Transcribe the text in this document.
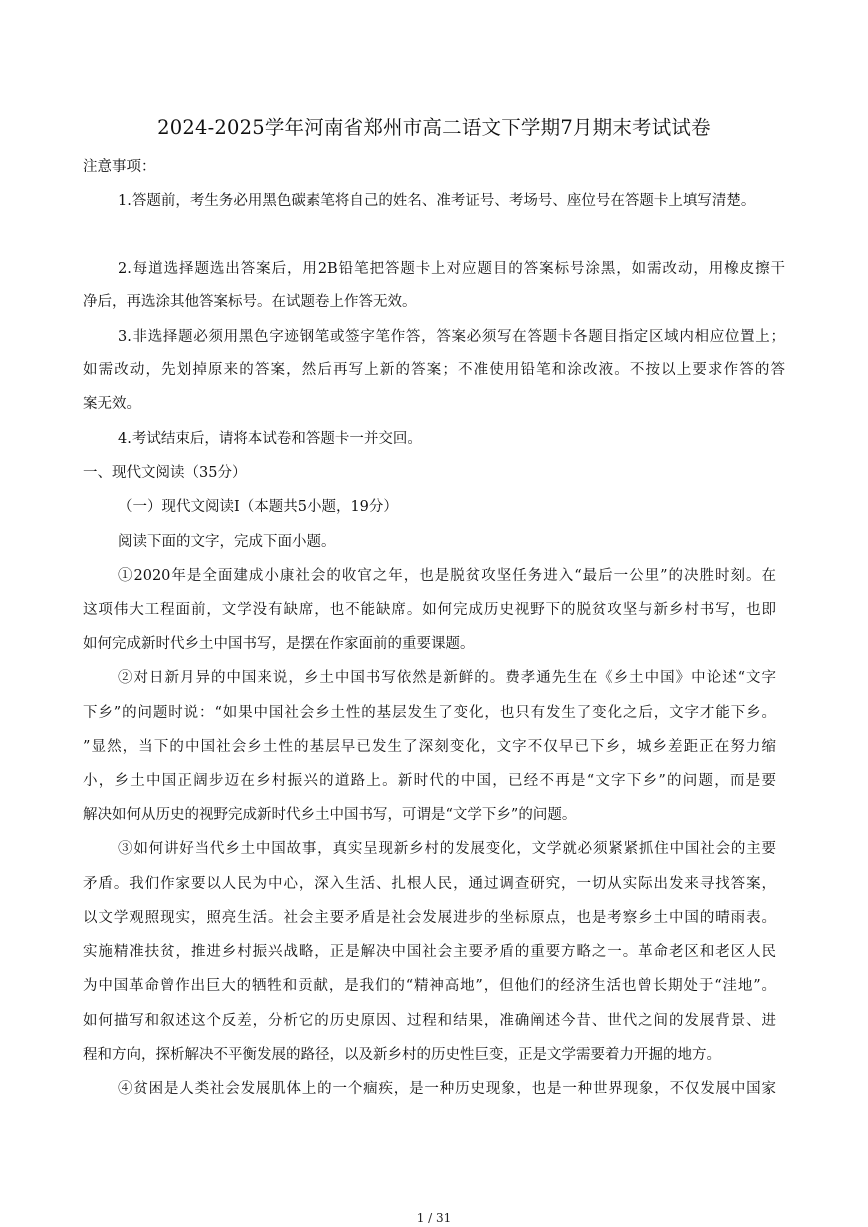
2024-2025学年河南省郑州市高二语文下学期7月期末考试试卷
注意事项：
1.答题前，考生务必用黑色碳素笔将自己的姓名、准考证号、考场号、座位号在答题卡上填写清楚。
2.每道选择题选出答案后，用2B铅笔把答题卡上对应题目的答案标号涂黑，如需改动，用橡皮擦干
净后，再选涂其他答案标号。在试题卷上作答无效。
3.非选择题必须用黑色字迹钢笔或签字笔作答，答案必须写在答题卡各题目指定区域内相应位置上；
如需改动，先划掉原来的答案，然后再写上新的答案；不准使用铅笔和涂改液。不按以上要求作答的答
案无效。
4.考试结束后，请将本试卷和答题卡一并交回。
一、现代文阅读（35分）
（一）现代文阅读Ⅰ（本题共5小题，19分）
阅读下面的文字，完成下面小题。
①2020年是全面建成小康社会的收官之年，也是脱贫攻坚任务进入“最后一公里”的决胜时刻。在
这项伟大工程面前，文学没有缺席，也不能缺席。如何完成历史视野下的脱贫攻坚与新乡村书写，也即
如何完成新时代乡土中国书写，是摆在作家面前的重要课题。
②对日新月异的中国来说，乡土中国书写依然是新鲜的。费孝通先生在《乡土中国》中论述“文字
下乡”的问题时说：“如果中国社会乡土性的基层发生了变化，也只有发生了变化之后，文字才能下乡。
”显然，当下的中国社会乡土性的基层早已发生了深刻变化，文字不仅早已下乡，城乡差距正在努力缩
小，乡土中国正阔步迈在乡村振兴的道路上。新时代的中国，已经不再是“文字下乡”的问题，而是要
解决如何从历史的视野完成新时代乡土中国书写，可谓是“文学下乡”的问题。
③如何讲好当代乡土中国故事，真实呈现新乡村的发展变化，文学就必须紧紧抓住中国社会的主要
矛盾。我们作家要以人民为中心，深入生活、扎根人民，通过调查研究，一切从实际出发来寻找答案，
以文学观照现实，照亮生活。社会主要矛盾是社会发展进步的坐标原点，也是考察乡土中国的晴雨表。
实施精准扶贫，推进乡村振兴战略，正是解决中国社会主要矛盾的重要方略之一。革命老区和老区人民
为中国革命曾作出巨大的牺牲和贡献，是我们的“精神高地”，但他们的经济生活也曾长期处于“洼地”。
如何描写和叙述这个反差，分析它的历史原因、过程和结果，准确阐述今昔、世代之间的发展背景、进
程和方向，探析解决不平衡发展的路径，以及新乡村的历史性巨变，正是文学需要着力开掘的地方。
④贫困是人类社会发展肌体上的一个痼疾，是一种历史现象，也是一种世界现象，不仅发展中国家
1 / 31
